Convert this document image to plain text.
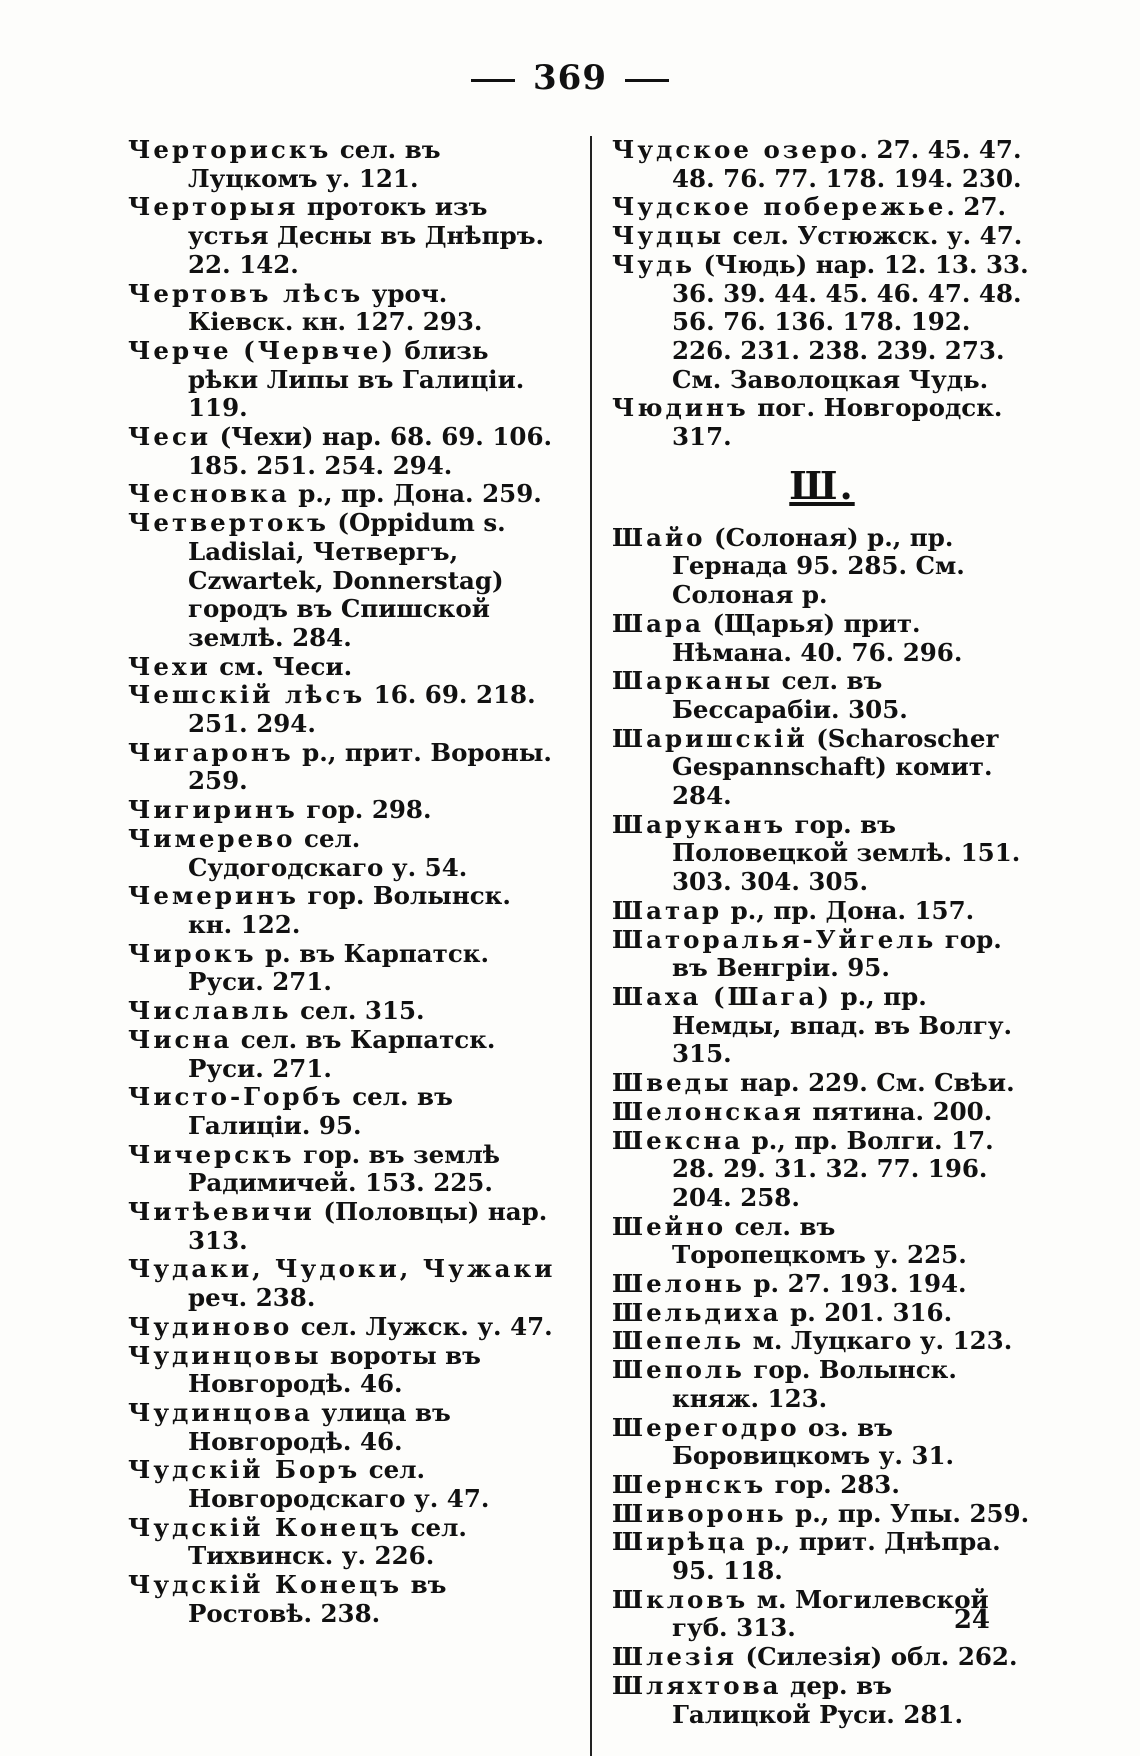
369

Черторискъ сел. въ Луцкомъ у. 121.

Черторыя протокъ изъ устья Десны въ Днѣпръ. 22. 142.

Чертовъ лѣсъ уроч. Кіевск. кн. 127. 293.

Черче (Червче) близь рѣки Липы въ Галиціи. 119.

Чеси (Чехи) нар. 68. 69. 106. 185. 251. 254. 294.

Чесновка р., пр. Дона. 259.

Четвертокъ (Oppidum s. Ladislai, Четвергъ, Czwartek, Donnerstag) городъ въ Спишской землѣ. 284.

Чехи см. Чеси.

Чешскій лѣсъ 16. 69. 218. 251. 294.

Чигаронъ р., прит. Вороны. 259.

Чигиринъ гор. 298.

Чимерево сел. Судогодскаго у. 54.

Чемеринъ гор. Волынск. кн. 122.

Чирокъ р. въ Карпатск. Руси. 271.

Числавль сел. 315.

Чисна сел. въ Карпатск. Руси. 271.

Чисто-Горбъ сел. въ Галиціи. 95.

Чичерскъ гор. въ землѣ Радимичей. 153. 225.

Читѣевичи (Половцы) нар. 313.

Чудаки, Чудоки, Чужаки реч. 238.

Чудиново сел. Лужск. у. 47.

Чудинцовы вороты въ Новгородѣ. 46.

Чудинцова улица въ Новгородѣ. 46.

Чудскій Боръ сел. Новгородскаго у. 47.

Чудскій Конецъ сел. Тихвинск. у. 226.

Чудскій Конецъ въ Ростовѣ. 238.

Чудское озеро. 27. 45. 47. 48. 76. 77. 178. 194. 230.

Чудское побережье. 27.

Чудцы сел. Устюжск. у. 47.

Чудь (Чюдь) нар. 12. 13. 33. 36. 39. 44. 45. 46. 47. 48. 56. 76. 136. 178. 192. 226. 231. 238. 239. 273. См. Заволоцкая Чудь.

Чюдинъ пог. Новгородск. 317.

Ш.

Шайо (Солоная) р., пр. Гернада 95. 285. См. Солоная р.

Шара (Щарья) прит. Нѣмана. 40. 76. 296.

Шарканы сел. въ Бессарабіи. 305.

Шаришскій (Scharoscher Gespannschaft) комит. 284.

Шаруканъ гор. въ Половецкой землѣ. 151. 303. 304. 305.

Шатар р., пр. Дона. 157.

Шаторалья-Уйгель гор. въ Венгріи. 95.

Шаха (Шага) р., пр. Немды, впад. въ Волгу. 315.

Шведы нар. 229. См. Свѣи.

Шелонская пятина. 200.

Шексна р., пр. Волги. 17. 28. 29. 31. 32. 77. 196. 204. 258.

Шейно сел. въ Торопецкомъ у. 225.

Шелонь р. 27. 193. 194.

Шельдиха р. 201. 316.

Шепель м. Луцкаго у. 123.

Шеполь гор. Волынск. княж. 123.

Шерегодро оз. въ Боровицкомъ у. 31.

Шернскъ гор. 283.

Шиворонь р., пр. Упы. 259.

Ширѣца р., прит. Днѣпра. 95. 118.

Шкловъ м. Могилевской губ. 313.

Шлезія (Силезія) обл. 262.

Шляхтова дер. въ Галицкой Руси. 281.

24
